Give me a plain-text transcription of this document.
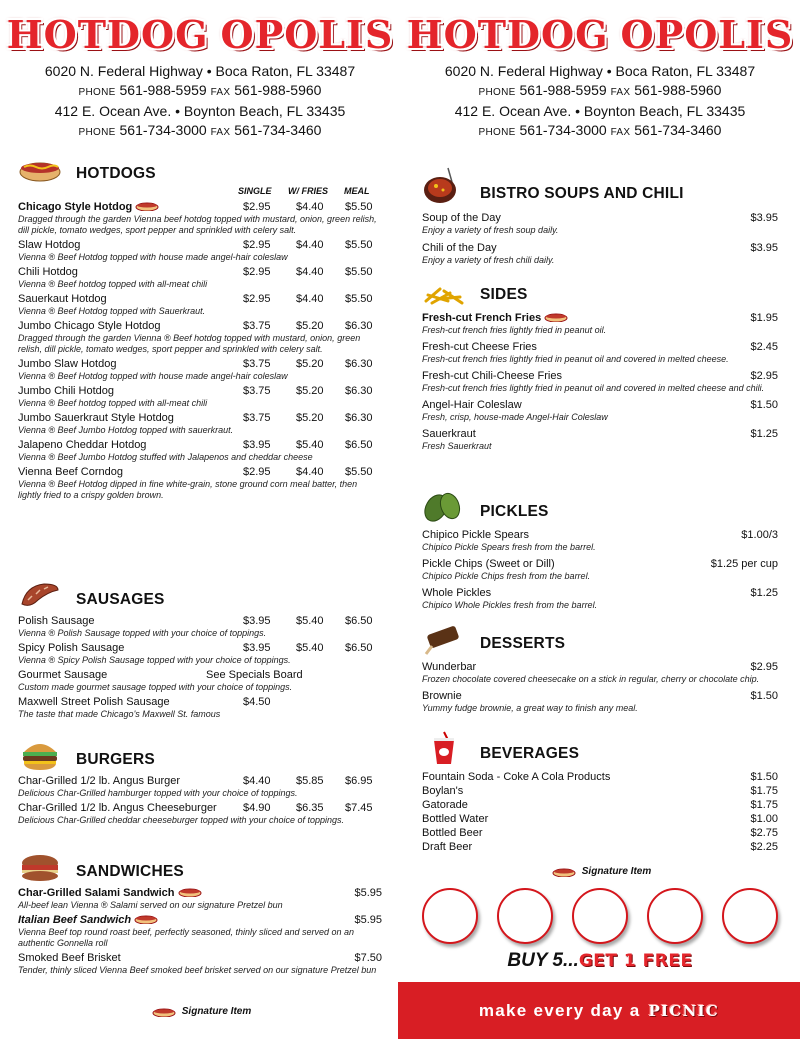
HOTDOG OPOLIS
6020 N. Federal Highway • Boca Raton, FL 33487
PHONE 561-988-5959 FAX 561-988-5960
412 E. Ocean Ave. • Boynton Beach, FL 33435
PHONE 561-734-3000 FAX 561-734-3460
HOTDOGS
SINGLE W/ FRIES MEAL
Chicago Style Hotdog	$2.95 $4.40 $5.50
Dragged through the garden Vienna beef hotdog topped with mustard, onion, green relish, dill pickle, tomato wedges, sport pepper and sprinkled with celery salt.
Slaw Hotdog	$2.95 $4.40 $5.50
Vienna ® Beef Hotdog topped with house made angel-hair coleslaw
Chili Hotdog	$2.95 $4.40 $5.50
Vienna ® Beef hotdog topped with all-meat chili
Sauerkaut Hotdog	$2.95 $4.40 $5.50
Vienna ® Beef Hotdog topped with Sauerkraut.
Jumbo Chicago Style Hotdog	$3.75 $5.20 $6.30
Dragged through the garden Vienna ® Beef hotdog topped with mustard, onion, green relish, dill pickle, tomato wedges, sport pepper and sprinkled with celery salt.
Jumbo Slaw Hotdog	$3.75 $5.20 $6.30
Vienna ® Beef Hotdog topped with house made angel-hair coleslaw
Jumbo Chili Hotdog	$3.75 $5.20 $6.30
Vienna ® Beef hotdog topped with all-meat chili
Jumbo Sauerkraut Style Hotdog	$3.75 $5.20 $6.30
Vienna ® Beef Jumbo Hotdog topped with sauerkraut.
Jalapeno Cheddar Hotdog	$3.95 $5.40 $6.50
Vienna ® Beef Jumbo Hotdog stuffed with Jalapenos and cheddar cheese
Vienna Beef Corndog	$2.95 $4.40 $5.50
Vienna ® Beef Hotdog dipped in fine white-grain, stone ground corn meal batter, then lightly fried to a crispy golden brown.
SAUSAGES
Polish Sausage	$3.95 $5.40 $6.50
Vienna ® Polish Sausage topped with your choice of toppings.
Spicy Polish Sausage	$3.95 $5.40 $6.50
Vienna ® Spicy Polish Sausage topped with your choice of toppings.
Gourmet Sausage	See Specials Board
Custom made gourmet sausage topped with your choice of toppings.
Maxwell Street Polish Sausage	$4.50
The taste that made Chicago's Maxwell St. famous
BURGERS
Char-Grilled 1/2 lb. Angus Burger	$4.40 $5.85 $6.95
Delicious Char-Grilled hamburger topped with your choice of toppings.
Char-Grilled 1/2 lb. Angus Cheeseburger $4.90 $6.35 $7.45
Delicious Char-Grilled cheddar cheeseburger topped with your choice of toppings.
SANDWICHES
Char-Grilled Salami Sandwich	$5.95
All-beef lean Vienna ® Salami served on our signature Pretzel bun
Italian Beef Sandwich	$5.95
Vienna Beef top round roast beef, perfectly seasoned, thinly sliced and served on an authentic Gonnella roll
Smoked Beef Brisket	$7.50
Tender, thinly sliced Vienna Beef smoked beef brisket served on our signature Pretzel bun
Signature Item
HOTDOG OPOLIS
6020 N. Federal Highway • Boca Raton, FL 33487
PHONE 561-988-5959 FAX 561-988-5960
412 E. Ocean Ave. • Boynton Beach, FL 33435
PHONE 561-734-3000 FAX 561-734-3460
BISTRO SOUPS AND CHILI
Soup of the Day	$3.95
Enjoy a variety of fresh soup daily.
Chili of the Day	$3.95
Enjoy a variety of fresh chili daily.
SIDES
Fresh-cut French Fries	$1.95
Fresh-cut french fries lightly fried in peanut oil.
Fresh-cut Cheese Fries	$2.45
Fresh-cut french fries lightly fried in peanut oil and covered in melted cheese.
Fresh-cut Chili-Cheese Fries	$2.95
Fresh-cut french fries lightly fried in peanut oil and covered in melted cheese and chili.
Angel-Hair Coleslaw	$1.50
Fresh, crisp, house-made Angel-Hair Coleslaw
Sauerkraut	$1.25
Fresh Sauerkraut
PICKLES
Chipico Pickle Spears	$1.00/3
Chipico Pickle Spears fresh from the barrel.
Pickle Chips (Sweet or Dill)	$1.25 per cup
Chipico Pickle Chips fresh from the barrel.
Whole Pickles	$1.25
Chipico Whole Pickles fresh from the barrel.
DESSERTS
Wunderbar	$2.95
Frozen chocolate covered cheesecake on a stick in regular, cherry or chocolate chip.
Brownie	$1.50
Yummy fudge brownie, a great way to finish any meal.
BEVERAGES
Fountain Soda - Coke A Cola Products	$1.50
Boylan's	$1.75
Gatorade	$1.75
Bottled Water	$1.00
Bottled Beer	$2.75
Draft Beer	$2.25
Signature Item
BUY 5...GET 1 FREE
make every day a PICNIC
